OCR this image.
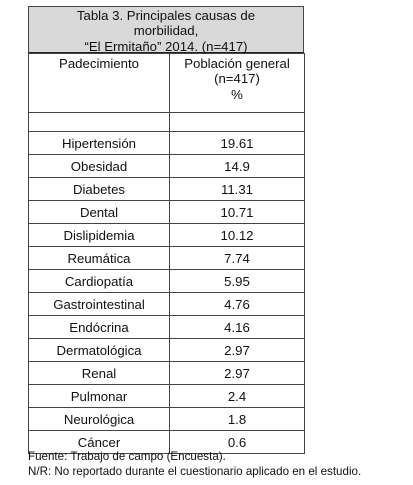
Tabla 3. Principales causas de
morbilidad,
“El Ermitaño” 2014. (n=417)
Padecimiento	Población general
(n=417)
%

Hipertensión	19.61
Obesidad	14.9
Diabetes	11.31
Dental	10.71
Dislipidemia	10.12
Reumática	7.74
Cardiopatía	5.95
Gastrointestinal	4.76
Endócrina	4.16
Dermatológica	2.97
Renal	2.97
Pulmonar	2.4
Neurológica	1.8
Cáncer	0.6
Fuente: Trabajo de campo (Encuesta).
N/R: No reportado durante el cuestionario aplicado en el estudio.
